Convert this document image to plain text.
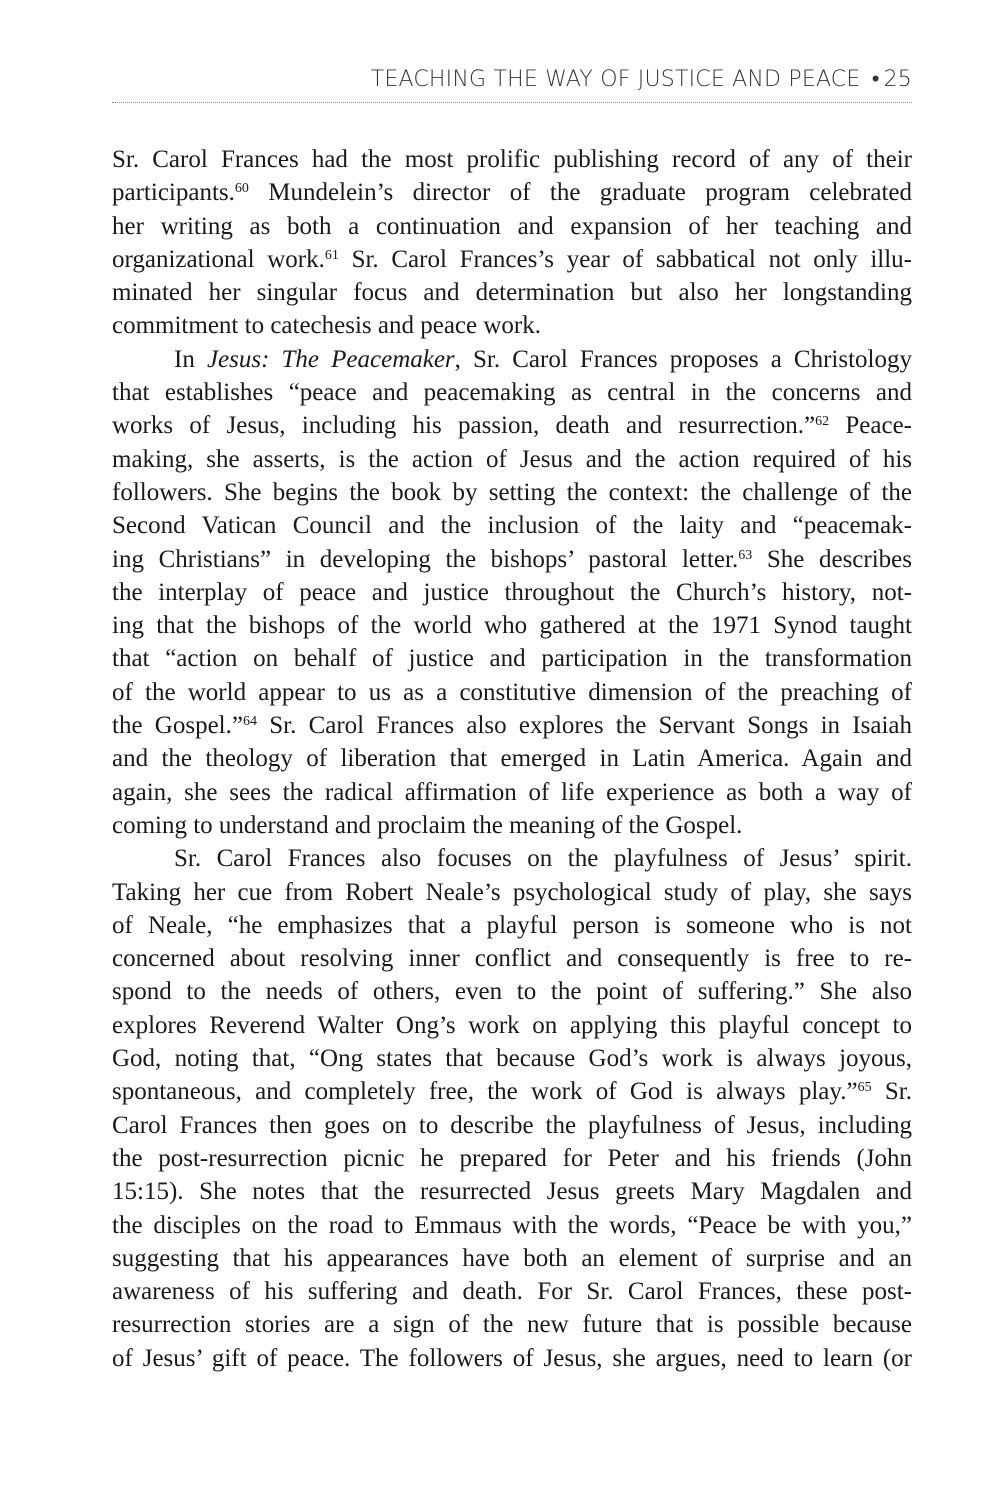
TEACHING THE WAY OF JUSTICE AND PEACE • 25

Sr. Carol Frances had the most prolific publishing record of any of their
participants.$^{60}$ Mundelein’s director of the graduate program celebrated
her writing as both a continuation and expansion of her teaching and
organizational work.$^{61}$ Sr. Carol Frances’s year of sabbatical not only illu-
minated her singular focus and determination but also her longstanding
commitment to catechesis and peace work.

In Jesus: The Peacemaker, Sr. Carol Frances proposes a Christology
that establishes “peace and peacemaking as central in the concerns and
works of Jesus, including his passion, death and resurrection.”$^{62}$ Peace-
making, she asserts, is the action of Jesus and the action required of his
followers. She begins the book by setting the context: the challenge of the
Second Vatican Council and the inclusion of the laity and “peacemak-
ing Christians” in developing the bishops’ pastoral letter.$^{63}$ She describes
the interplay of peace and justice throughout the Church’s history, not-
ing that the bishops of the world who gathered at the 1971 Synod taught
that “action on behalf of justice and participation in the transformation
of the world appear to us as a constitutive dimension of the preaching of
the Gospel.”$^{64}$ Sr. Carol Frances also explores the Servant Songs in Isaiah
and the theology of liberation that emerged in Latin America. Again and
again, she sees the radical affirmation of life experience as both a way of
coming to understand and proclaim the meaning of the Gospel.

Sr. Carol Frances also focuses on the playfulness of Jesus’ spirit.
Taking her cue from Robert Neale’s psychological study of play, she says
of Neale, “he emphasizes that a playful person is someone who is not
concerned about resolving inner conflict and consequently is free to re-
spond to the needs of others, even to the point of suffering.” She also
explores Reverend Walter Ong’s work on applying this playful concept to
God, noting that, “Ong states that because God’s work is always joyous,
spontaneous, and completely free, the work of God is always play.”$^{65}$ Sr.
Carol Frances then goes on to describe the playfulness of Jesus, including
the post-resurrection picnic he prepared for Peter and his friends (John
15:15). She notes that the resurrected Jesus greets Mary Magdalen and
the disciples on the road to Emmaus with the words, “Peace be with you,”
suggesting that his appearances have both an element of surprise and an
awareness of his suffering and death. For Sr. Carol Frances, these post-
resurrection stories are a sign of the new future that is possible because
of Jesus’ gift of peace. The followers of Jesus, she argues, need to learn (or
